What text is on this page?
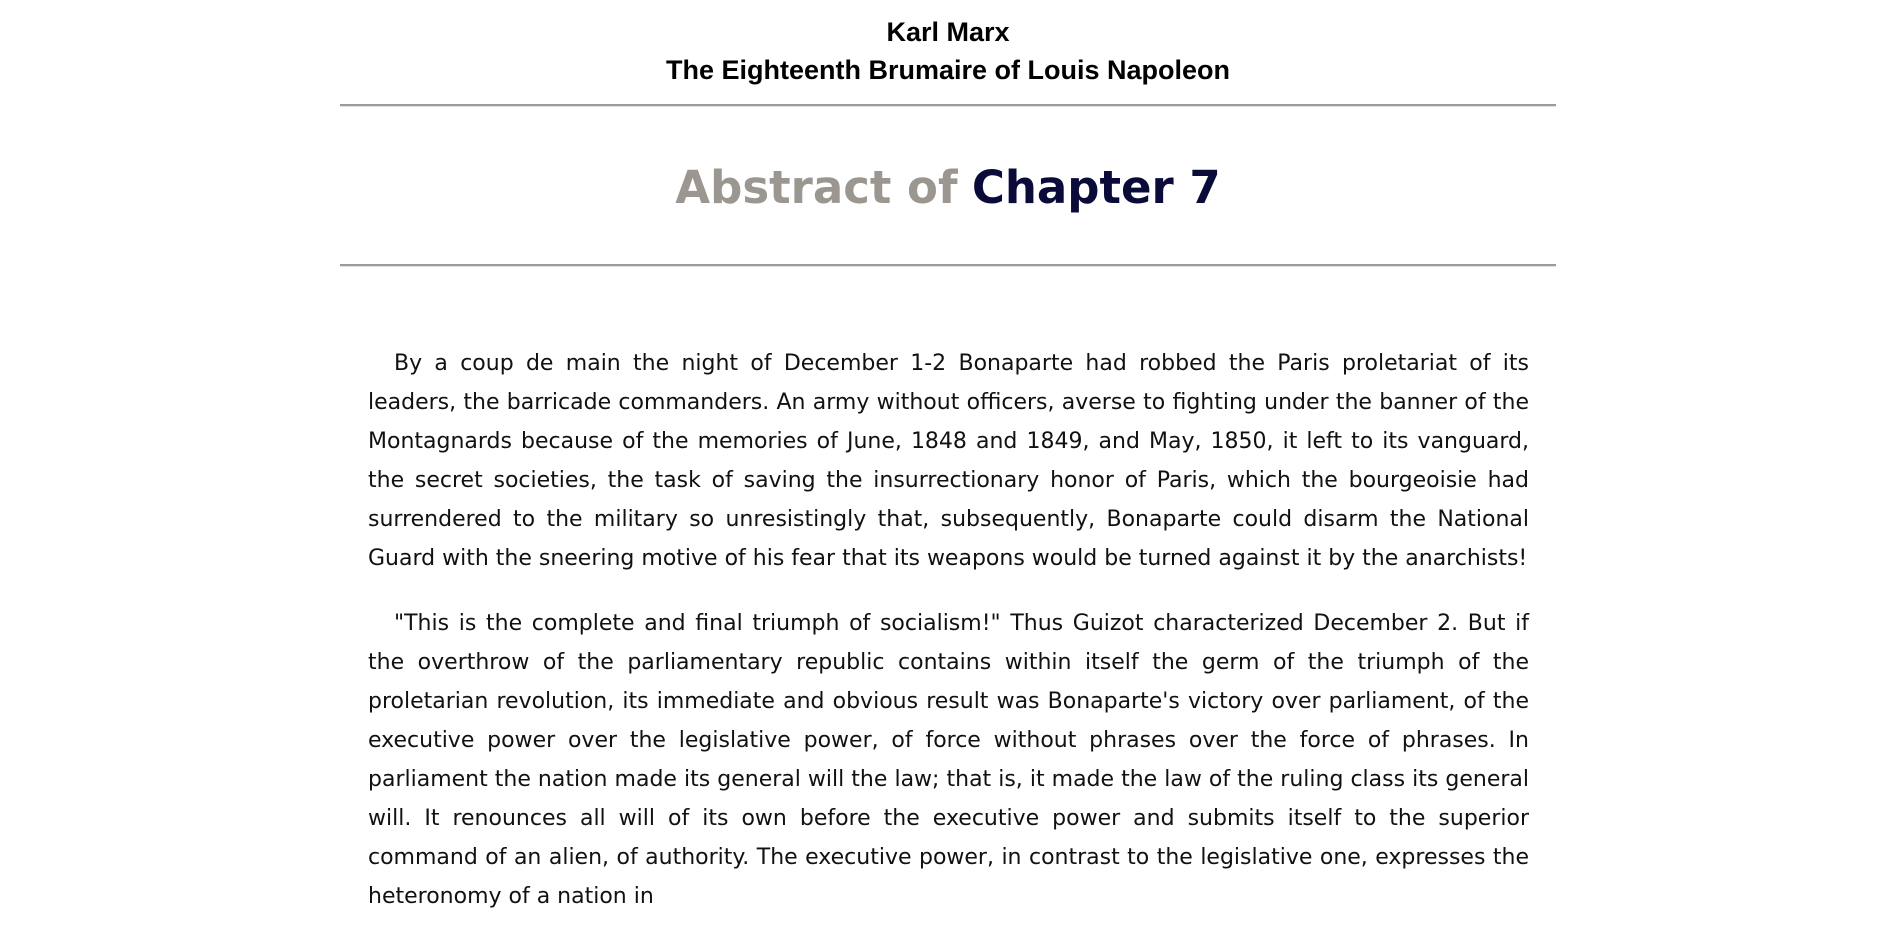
Karl Marx
The Eighteenth Brumaire of Louis Napoleon
Abstract of Chapter 7

By a coup de main the night of December 1-2 Bonaparte had robbed the Paris proletariat of its leaders, the barricade commanders. An army without officers, averse to fighting under the banner of the Montagnards because of the memories of June, 1848 and 1849, and May, 1850, it left to its vanguard, the secret societies, the task of saving the insurrectionary honor of Paris, which the bourgeoisie had surrendered to the military so unresistingly that, subsequently, Bonaparte could disarm the National Guard with the sneering motive of his fear that its weapons would be turned against it by the anarchists!

"This is the complete and final triumph of socialism!" Thus Guizot characterized December 2. But if the overthrow of the parliamentary republic contains within itself the germ of the triumph of the proletarian revolution, its immediate and obvious result was Bonaparte's victory over parliament, of the executive power over the legislative power, of force without phrases over the force of phrases. In parliament the nation made its general will the law; that is, it made the law of the ruling class its general will. It renounces all will of its own before the executive power and submits itself to the superior command of an alien, of authority. The executive power, in contrast to the legislative one, expresses the heteronomy of a nation in
